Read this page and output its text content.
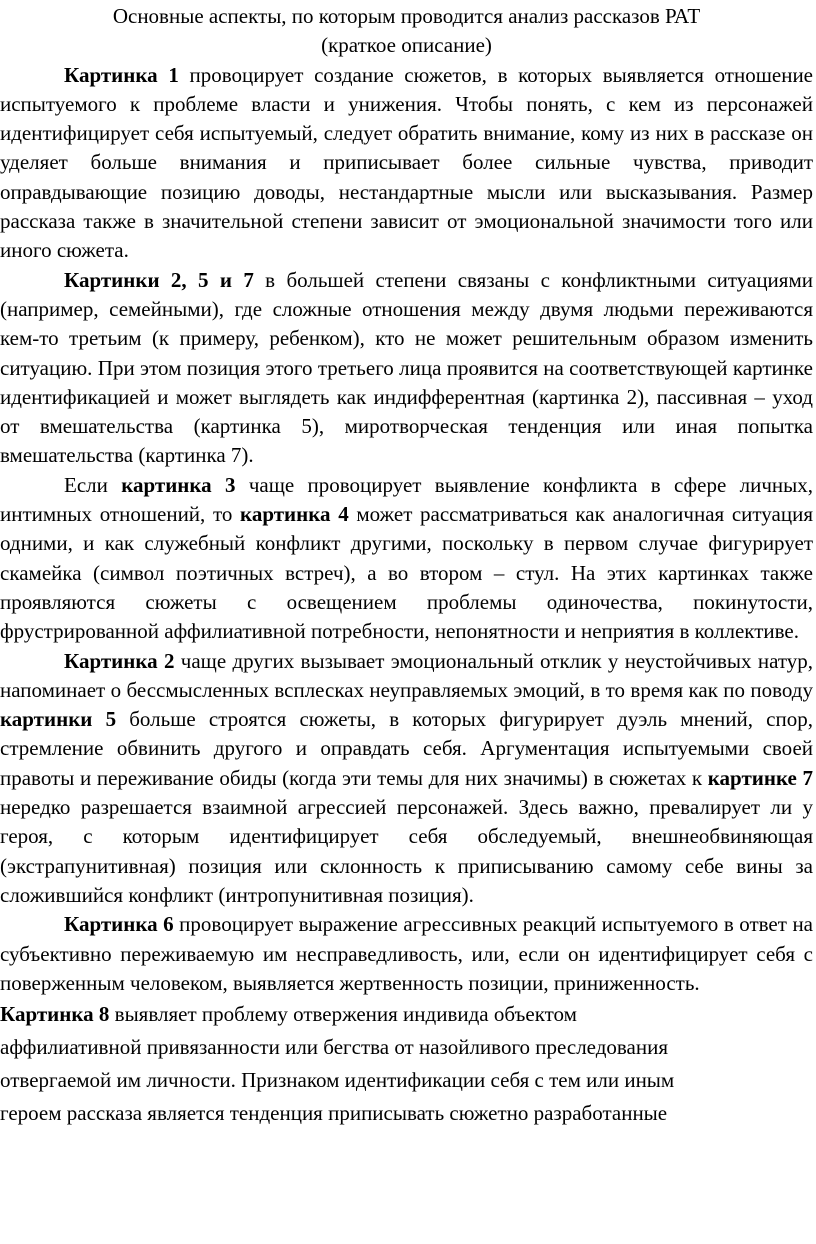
Основные аспекты, по которым проводится анализ рассказов РАТ
(краткое описание)

Картинка 1 провоцирует создание сюжетов, в которых выявляется отношение испытуемого к проблеме власти и унижения. Чтобы понять, с кем из персонажей идентифицирует себя испытуемый, следует обратить внимание, кому из них в рассказе он уделяет больше внимания и приписывает более сильные чувства, приводит оправдывающие позицию доводы, нестандартные мысли или высказывания. Размер рассказа также в значительной степени зависит от эмоциональной значимости того или иного сюжета.

Картинки 2, 5 и 7 в большей степени связаны с конфликтными ситуациями (например, семейными), где сложные отношения между двумя людьми переживаются кем-то третьим (к примеру, ребенком), кто не может решительным образом изменить ситуацию. При этом позиция этого третьего лица проявится на соответствующей картинке идентификацией и может выглядеть как индифферентная (картинка 2), пассивная – уход от вмешательства (картинка 5), миротворческая тенденция или иная попытка вмешательства (картинка 7).

Если картинка 3 чаще провоцирует выявление конфликта в сфере личных, интимных отношений, то картинка 4 может рассматриваться как аналогичная ситуация одними, и как служебный конфликт другими, поскольку в первом случае фигурирует скамейка (символ поэтичных встреч), а во втором – стул. На этих картинках также проявляются сюжеты с освещением проблемы одиночества, покинутости, фрустрированной аффилиативной потребности, непонятности и неприятия в коллективе.

Картинка 2 чаще других вызывает эмоциональный отклик у неустойчивых натур, напоминает о бессмысленных всплесках неуправляемых эмоций, в то время как по поводу картинки 5 больше строятся сюжеты, в которых фигурирует дуэль мнений, спор, стремление обвинить другого и оправдать себя. Аргументация испытуемыми своей правоты и переживание обиды (когда эти темы для них значимы) в сюжетах к картинке 7 нередко разрешается взаимной агрессией персонажей. Здесь важно, превалирует ли у героя, с которым идентифицирует себя обследуемый, внешнеобвиняющая (экстрапунитивная) позиция или склонность к приписыванию самому себе вины за сложившийся конфликт (интропунитивная позиция).

Картинка 6 провоцирует выражение агрессивных реакций испытуемого в ответ на субъективно переживаемую им несправедливость, или, если он идентифицирует себя с поверженным человеком, выявляется жертвенность позиции, приниженность.

Картинка 8 выявляет проблему отвержения индивида объектом
аффилиативной привязанности или бегства от назойливого преследования
отвергаемой им личности. Признаком идентификации себя с тем или иным
героем рассказа является тенденция приписывать сюжетно разработанные
